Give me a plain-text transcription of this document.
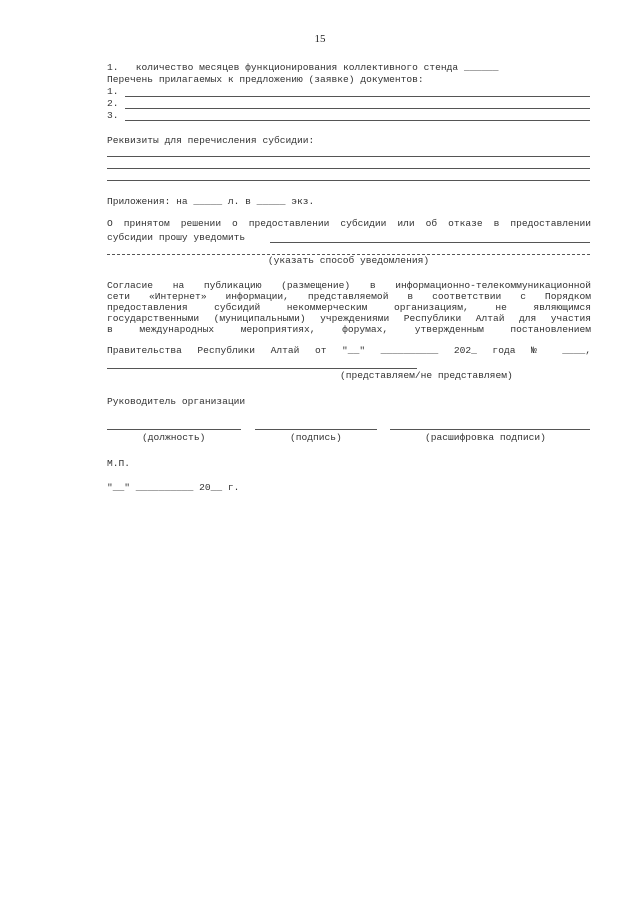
15
1.   количество месяцев функционирования коллективного стенда ______
Перечень прилагаемых к предложению (заявке) документов:
1.
2.
3.
Реквизиты для перечисления субсидии:
Приложения: на _____ л. в _____ экз.
О принятом решении о предоставлении субсидии или об отказе в предоставлении
субсидии прошу уведомить
(указать способ уведомления)
Согласие на публикацию (размещение) в информационно-телекоммуникационной
сети «Интернет» информации, представляемой в соответствии с Порядком
предоставления субсидий некоммерческим организациям, не являющимся
государственными (муниципальными) учреждениями Республики Алтай для участия
в международных мероприятиях, форумах, утвержденным постановлением
Правительства Республики Алтай от "__" __________ 202_ года № ____,
(представляем/не представляем)
Руководитель организации
(должность)	(подпись)	(расшифровка подписи)
М.П.
"__" __________ 20__ г.
